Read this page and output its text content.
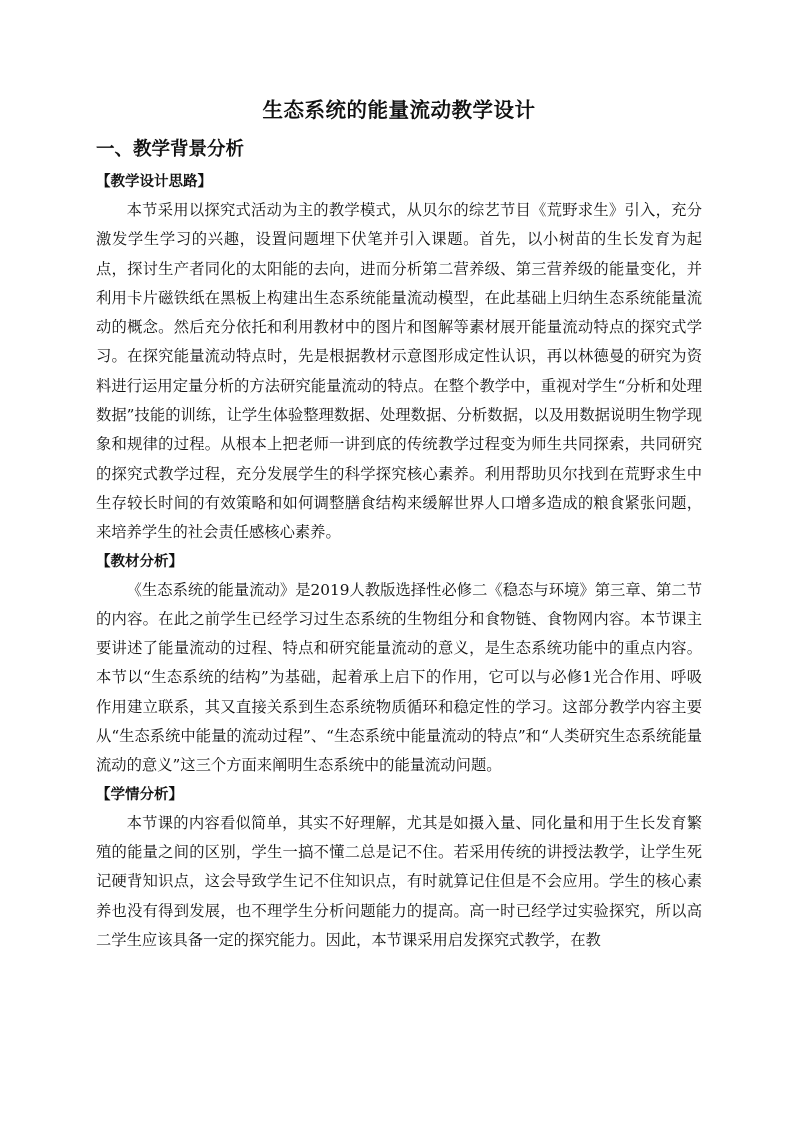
生态系统的能量流动教学设计
一、教学背景分析
【教学设计思路】

本节采用以探究式活动为主的教学模式，从贝尔的综艺节目《荒野求生》引入，充分激发学生学习的兴趣，设置问题埋下伏笔并引入课题。首先，以小树苗的生长发育为起点，探讨生产者同化的太阳能的去向，进而分析第二营养级、第三营养级的能量变化，并利用卡片磁铁纸在黑板上构建出生态系统能量流动模型，在此基础上归纳生态系统能量流动的概念。然后充分依托和利用教材中的图片和图解等素材展开能量流动特点的探究式学习。在探究能量流动特点时，先是根据教材示意图形成定性认识，再以林德曼的研究为资料进行运用定量分析的方法研究能量流动的特点。在整个教学中，重视对学生“分析和处理数据”技能的训练，让学生体验整理数据、处理数据、分析数据，以及用数据说明生物学现象和规律的过程。从根本上把老师一讲到底的传统教学过程变为师生共同探索，共同研究的探究式教学过程，充分发展学生的科学探究核心素养。利用帮助贝尔找到在荒野求生中生存较长时间的有效策略和如何调整膳食结构来缓解世界人口增多造成的粮食紧张问题，来培养学生的社会责任感核心素养。

【教材分析】

《生态系统的能量流动》是2019人教版选择性必修二《稳态与环境》第三章、第二节的内容。在此之前学生已经学习过生态系统的生物组分和食物链、食物网内容。本节课主要讲述了能量流动的过程、特点和研究能量流动的意义，是生态系统功能中的重点内容。本节以“生态系统的结构”为基础，起着承上启下的作用，它可以与必修1光合作用、呼吸作用建立联系，其又直接关系到生态系统物质循环和稳定性的学习。这部分教学内容主要从“生态系统中能量的流动过程”、“生态系统中能量流动的特点”和“人类研究生态系统能量流动的意义”这三个方面来阐明生态系统中的能量流动问题。

【学情分析】

本节课的内容看似简单，其实不好理解，尤其是如摄入量、同化量和用于生长发育繁殖的能量之间的区别，学生一搞不懂二总是记不住。若采用传统的讲授法教学，让学生死记硬背知识点，这会导致学生记不住知识点，有时就算记住但是不会应用。学生的核心素养也没有得到发展，也不理学生分析问题能力的提高。高一时已经学过实验探究，所以高二学生应该具备一定的探究能力。因此，本节课采用启发探究式教学，在教
